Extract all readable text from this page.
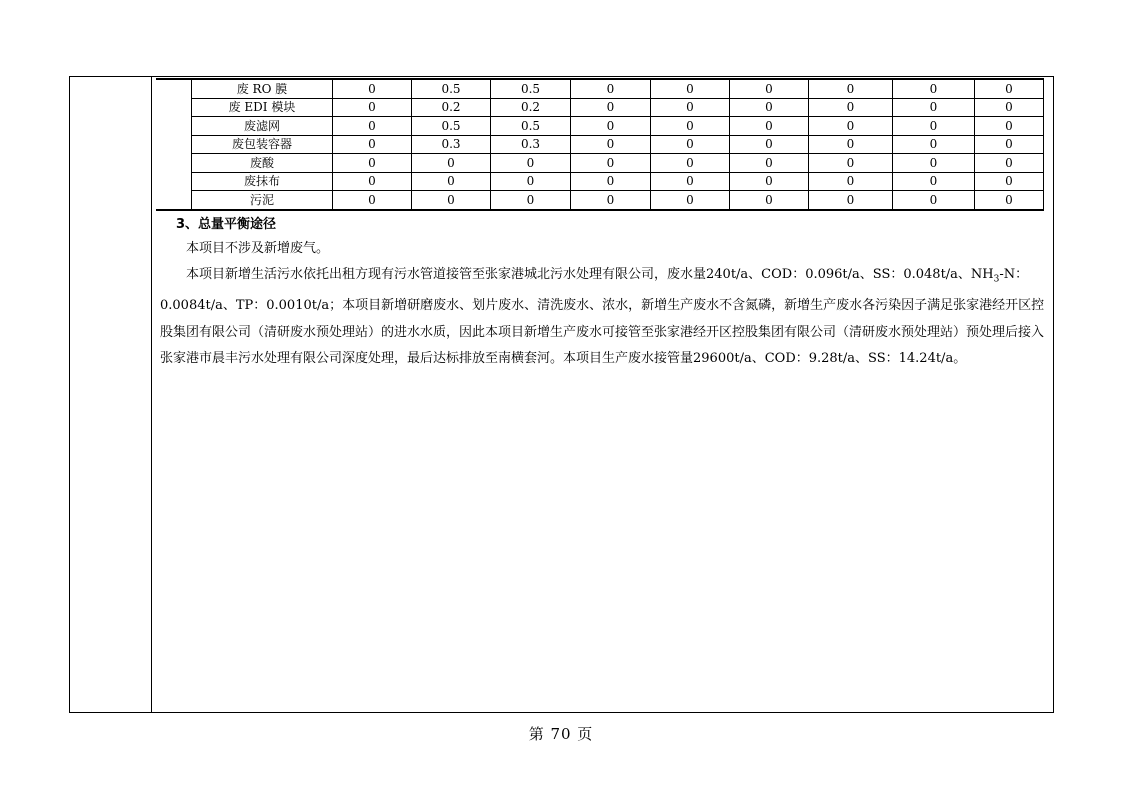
废 RO 膜	0	0.5	0.5	0	0	0	0	0	0
废 EDI 模块	0	0.2	0.2	0	0	0	0	0	0
废滤网	0	0.5	0.5	0	0	0	0	0	0
废包装容器	0	0.3	0.3	0	0	0	0	0	0
废酸	0	0	0	0	0	0	0	0	0
废抹布	0	0	0	0	0	0	0	0	0
污泥	0	0	0	0	0	0	0	0	0
3、总量平衡途径
本项目不涉及新增废气。
本项目新增生活污水依托出租方现有污水管道接管至张家港城北污水处理有限公司，废水量240t/a、COD：0.096t/a、SS：0.048t/a、$NH_3-N$：0.0084t/a、TP：0.0010t/a；本项目新增研磨废水、划片废水、清洗废水、浓水，新增生产废水不含氮磷，新增生产废水各污染因子满足张家港经开区控股集团有限公司（清研废水预处理站）的进水水质，因此本项目新增生产废水可接管至张家港经开区控股集团有限公司（清研废水预处理站）预处理后接入张家港市晨丰污水处理有限公司深度处理，最后达标排放至南横套河。本项目生产废水接管量29600t/a、COD：9.28t/a、SS：14.24t/a。
第 70 页
